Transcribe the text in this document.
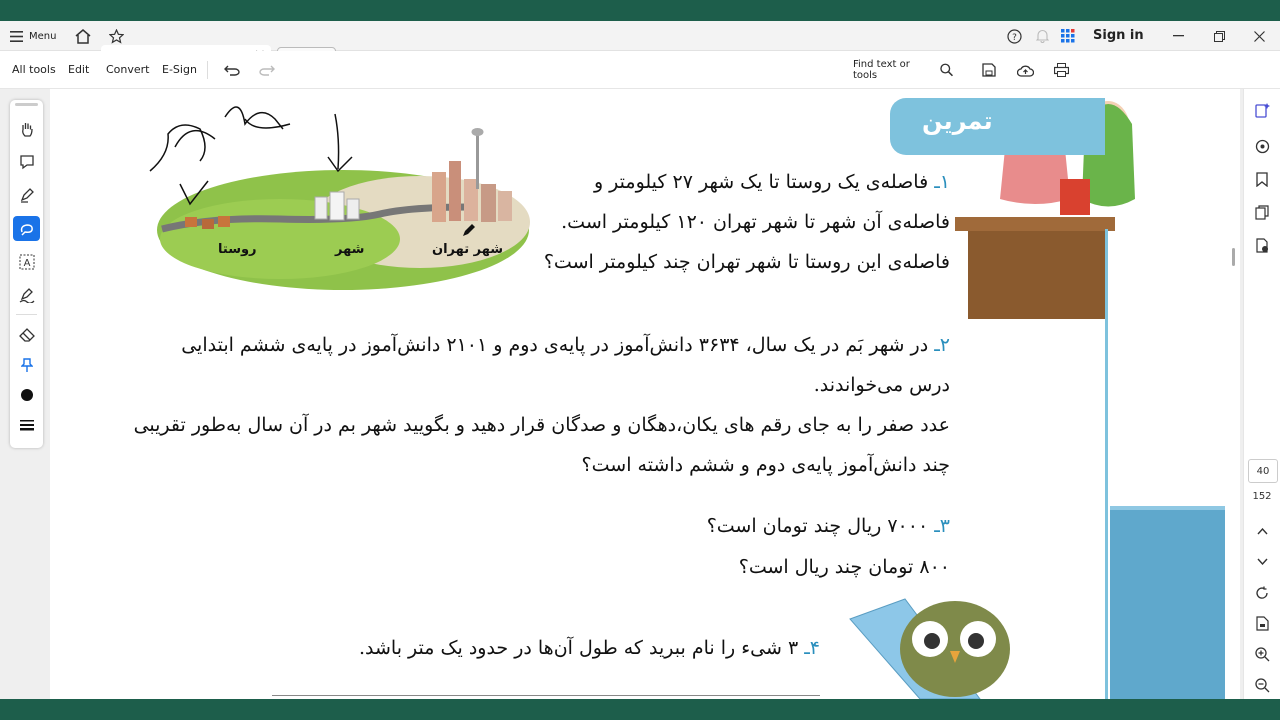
Menu	?	Sign in
All tools Edit Convert E-Sign	Find text or tools
تمرين
روستا	شهر	شهر تهران
۱ـ فاصله‌ی یک روستا تا یک شهر ۲۷ کیلومتر و
فاصله‌ی آن شهر تا شهر تهران ۱۲۰ کیلومتر است.
فاصله‌ی این روستا تا شهر تهران چند کیلومتر است؟
۲ـ در شهر بَم در یک سال، ۳۶۳۴ دانش‌آموز در پایه‌ی دوم و ۲۱۰۱ دانش‌آموز در پایه‌ی ششم ابتدایی
درس می‌خواندند.
عدد صفر را به جای رقم های یکان،دهگان و صدگان قرار دهید و بگویید شهر بم در آن سال به‌طور تقریبی
چند دانش‌آموز پایه‌ی دوم و ششم داشته است؟
۳ـ ۷۰۰۰ ریال چند تومان است؟
۸۰۰ تومان چند ریال است؟
۴ـ ۳ شیء را نام ببرید که طول آن‌ها در حدود یک متر باشد.
A
40
152
